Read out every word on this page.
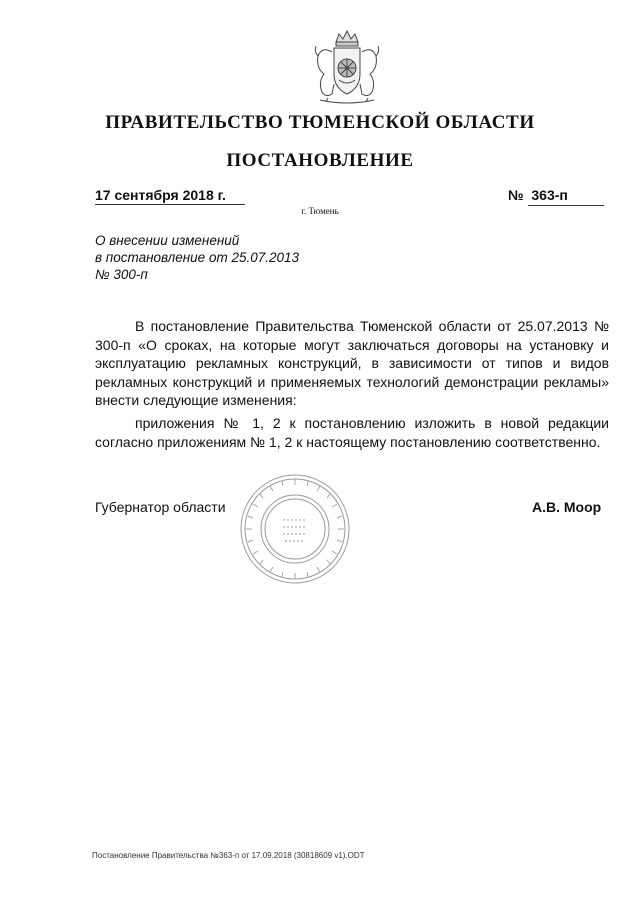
ПРАВИТЕЛЬСТВО ТЮМЕНСКОЙ ОБЛАСТИ
ПОСТАНОВЛЕНИЕ
17 сентября 2018 г.	№ 363-п
г. Тюмень
О внесении изменений
в постановление от 25.07.2013
№ 300-п

В постановление Правительства Тюменской области от 25.07.2013 № 300-п «О сроках, на которые могут заключаться договоры на установку и эксплуатацию рекламных конструкций, в зависимости от типов и видов рекламных конструкций и применяемых технологий демонстрации рекламы» внести следующие изменения:

приложения № 1, 2 к постановлению изложить в новой редакции согласно приложениям № 1, 2 к настоящему постановлению соответственно.

Губернатор области	А.В. Моор
Постановление Правительства №363-п от 17.09.2018 (30818609 v1).ODT
